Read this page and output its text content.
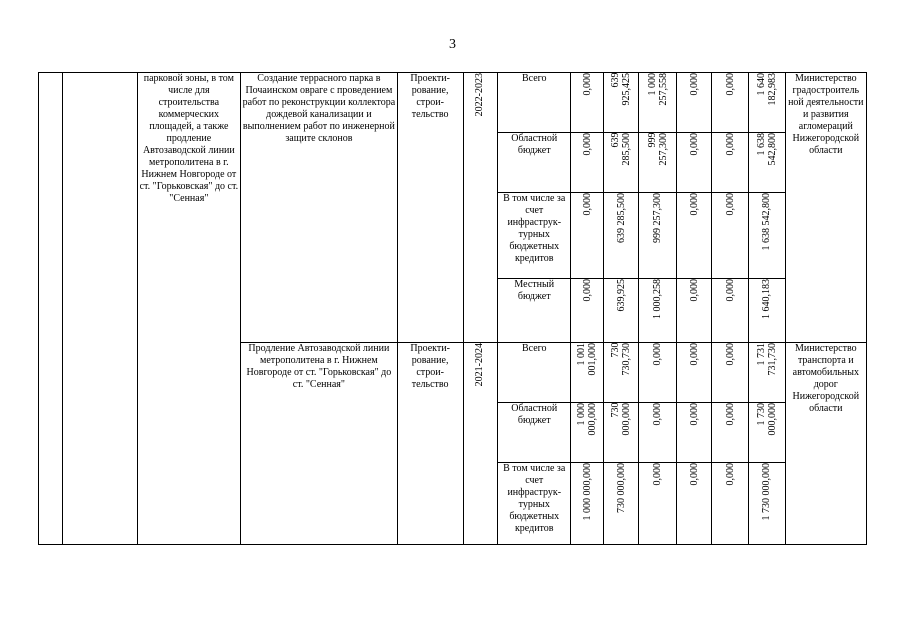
3
		парковой зоны, в том числе для строительства коммерческих площадей, а также продление Автозаводской линии метрополитена в г. Нижнем Новгороде от ст. "Горьковская" до ст. "Сенная"	Создание террасного парка в Почаинском овраге с проведением работ по реконструкции коллектора дождевой канализации и выполнением работ по инженерной защите склонов	Проекти-
рование,
строи-
тельство	2022-2023	Всего	0,000	639
925,425	1 000
257,558	0,000	0,000	1 640
182,983	Министерство градостроитель ной деятельности и развития агломераций Нижегородской области
						Областной бюджет	0,000	639
285,500	999
257,300	0,000	0,000	1 638
542,800	

						В том числе за счет инфраструк-турных бюджетных кредитов	0,000	639 285,500	999 257,300	0,000	0,000	1 638 542,800	

						Местный бюджет	0,000	639,925	1 000,258	0,000	0,000	1 640,183	

			Продление Автозаводской линии метрополитена в г. Нижнем Новгороде от ст. "Горьковская" до ст. "Сенная"	Проекти-
рование,
строи-
тельство	2021-2024	Всего	1 001
001,000	730
730,730	0,000	0,000	0,000	1 731
731,730	Министерство транспорта и автомобильных дорог Нижегородской области
						Областной бюджет	1 000
000,000	730
000,000	0,000	0,000	0,000	1 730
000,000	

						В том числе за счет инфраструк-турных бюджетных кредитов	1 000 000,000	730 000,000	0,000	0,000	0,000	1 730 000,000	
